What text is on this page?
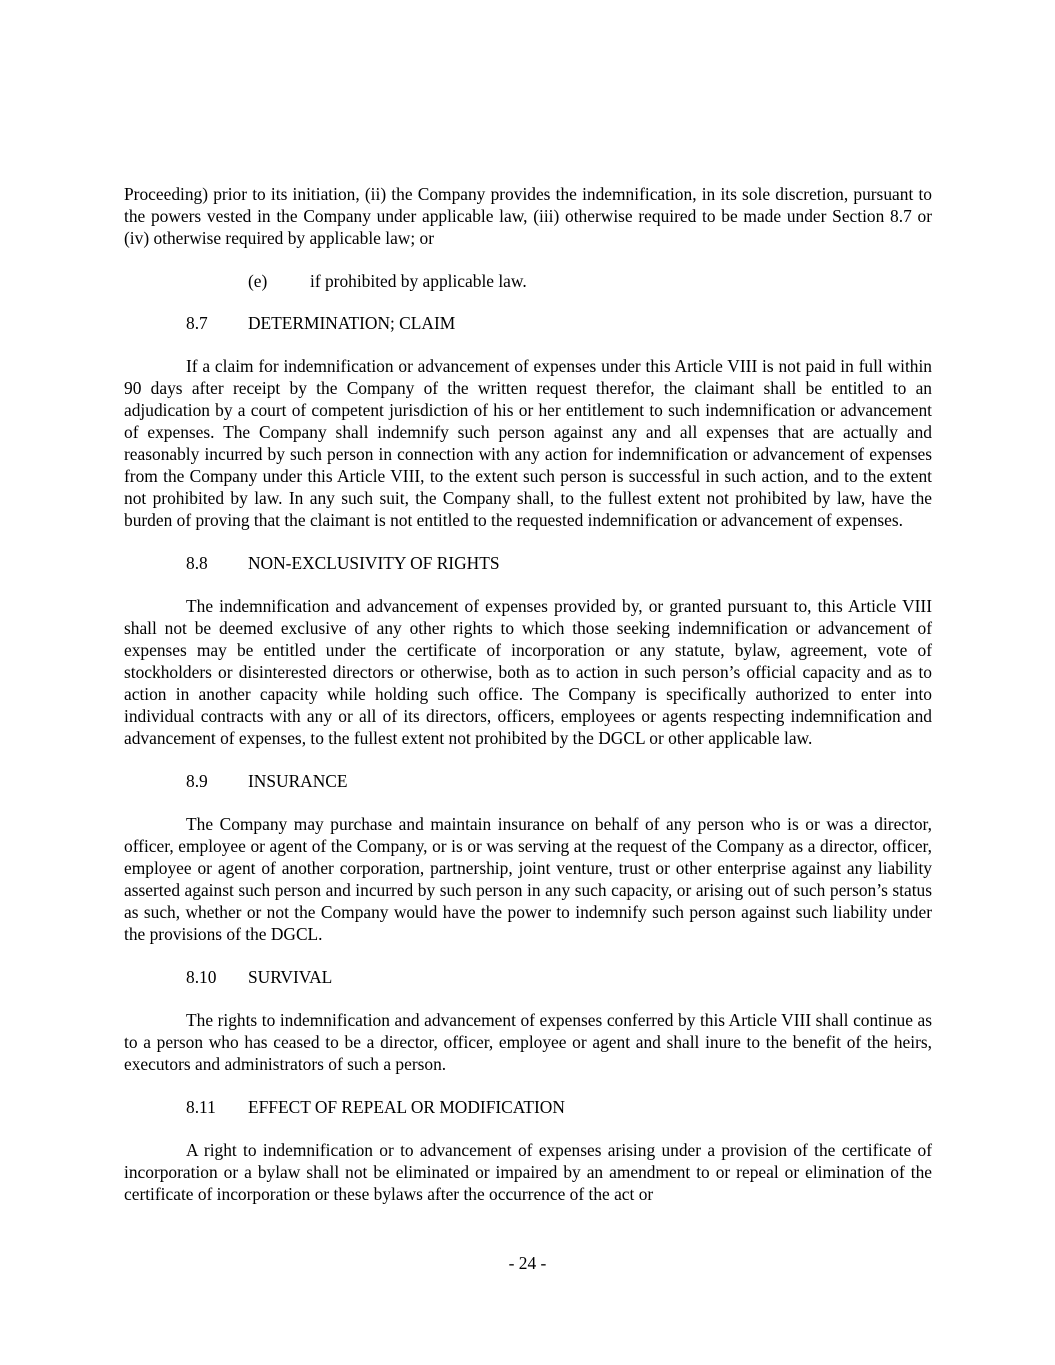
Proceeding) prior to its initiation, (ii) the Company provides the indemnification, in its sole discretion, pursuant to the powers vested in the Company under applicable law, (iii) otherwise required to be made under Section 8.7 or (iv) otherwise required by applicable law; or

(e) if prohibited by applicable law.
8.7 DETERMINATION; CLAIM

If a claim for indemnification or advancement of expenses under this Article VIII is not paid in full within 90 days after receipt by the Company of the written request therefor, the claimant shall be entitled to an adjudication by a court of competent jurisdiction of his or her entitlement to such indemnification or advancement of expenses. The Company shall indemnify such person against any and all expenses that are actually and reasonably incurred by such person in connection with any action for indemnification or advancement of expenses from the Company under this Article VIII, to the extent such person is successful in such action, and to the extent not prohibited by law. In any such suit, the Company shall, to the fullest extent not prohibited by law, have the burden of proving that the claimant is not entitled to the requested indemnification or advancement of expenses.

8.8 NON-EXCLUSIVITY OF RIGHTS

The indemnification and advancement of expenses provided by, or granted pursuant to, this Article VIII shall not be deemed exclusive of any other rights to which those seeking indemnification or advancement of expenses may be entitled under the certificate of incorporation or any statute, bylaw, agreement, vote of stockholders or disinterested directors or otherwise, both as to action in such person’s official capacity and as to action in another capacity while holding such office. The Company is specifically authorized to enter into individual contracts with any or all of its directors, officers, employees or agents respecting indemnification and advancement of expenses, to the fullest extent not prohibited by the DGCL or other applicable law.

8.9 INSURANCE

The Company may purchase and maintain insurance on behalf of any person who is or was a director, officer, employee or agent of the Company, or is or was serving at the request of the Company as a director, officer, employee or agent of another corporation, partnership, joint venture, trust or other enterprise against any liability asserted against such person and incurred by such person in any such capacity, or arising out of such person’s status as such, whether or not the Company would have the power to indemnify such person against such liability under the provisions of the DGCL.

8.10 SURVIVAL

The rights to indemnification and advancement of expenses conferred by this Article VIII shall continue as to a person who has ceased to be a director, officer, employee or agent and shall inure to the benefit of the heirs, executors and administrators of such a person.

8.11 EFFECT OF REPEAL OR MODIFICATION

A right to indemnification or to advancement of expenses arising under a provision of the certificate of incorporation or a bylaw shall not be eliminated or impaired by an amendment to or repeal or elimination of the certificate of incorporation or these bylaws after the occurrence of the act or

- 24 -
